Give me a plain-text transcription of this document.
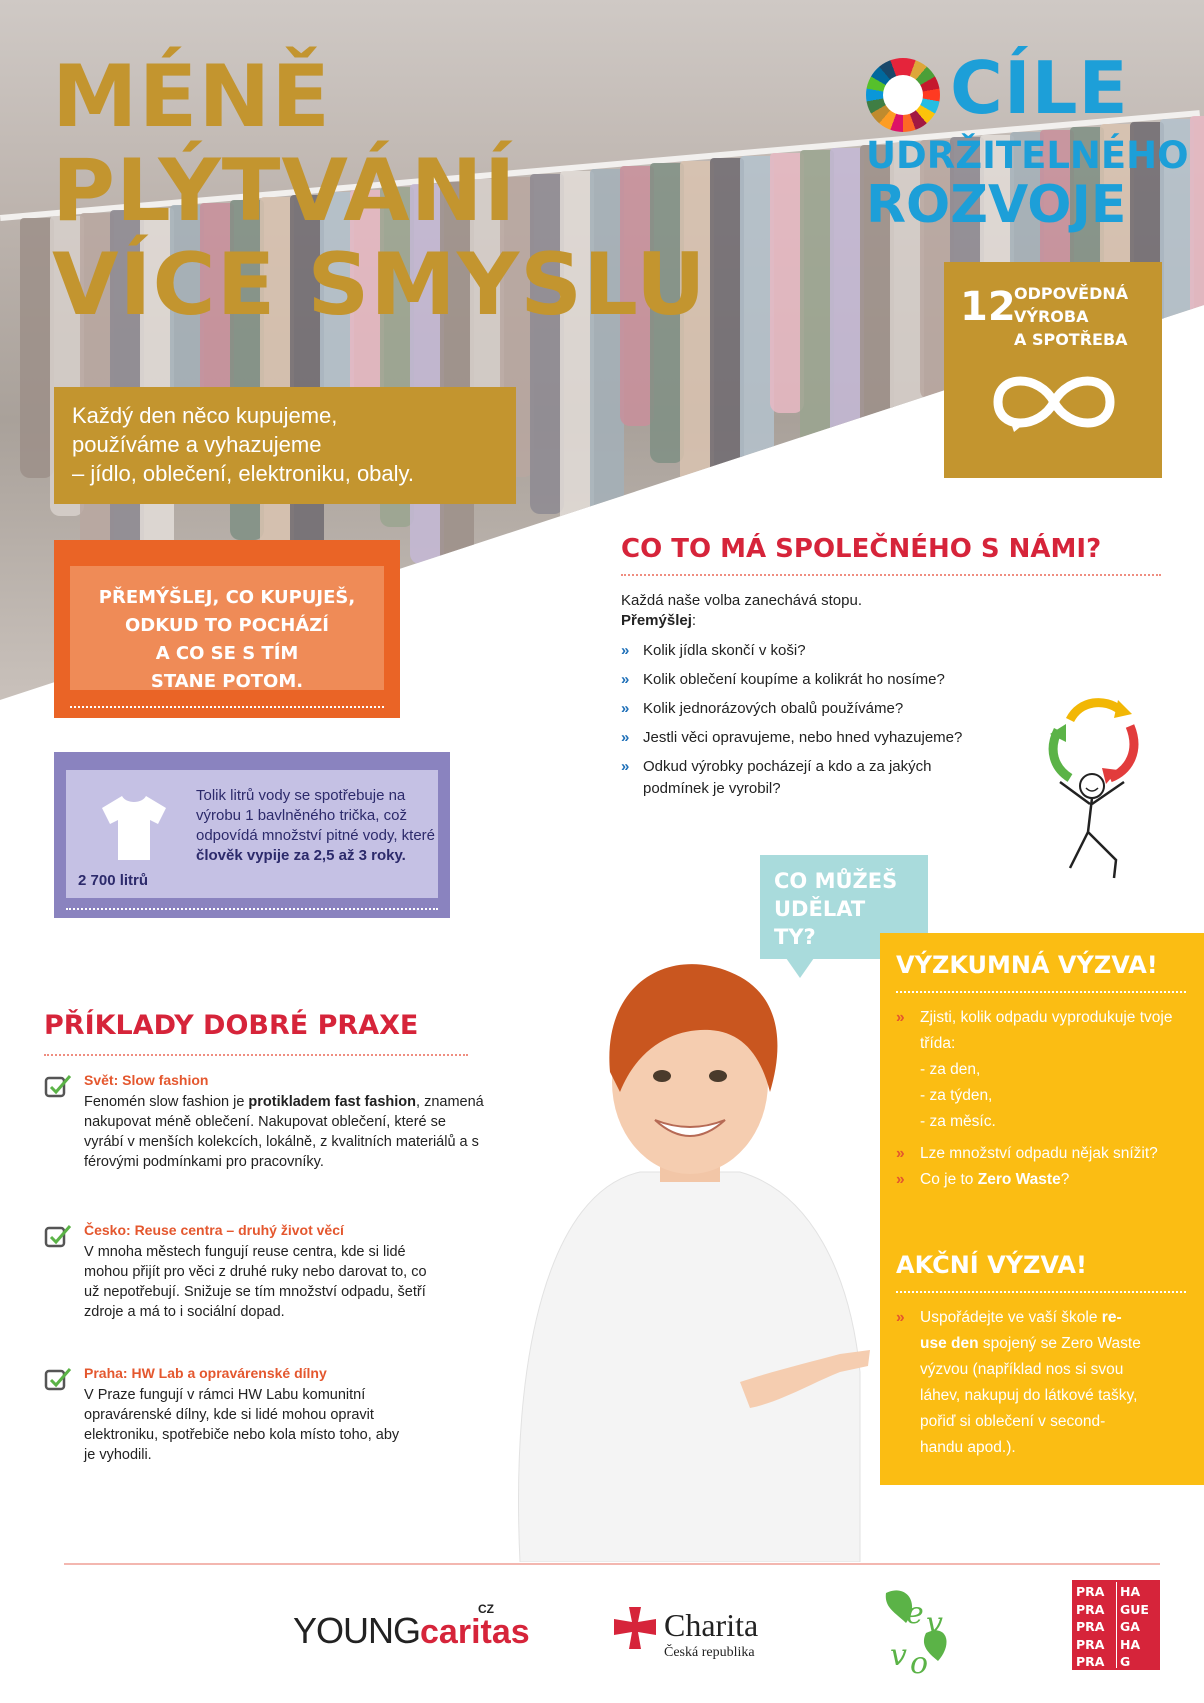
MÉNĚ
PLÝTVÁNÍ
VÍCE SMYSLU
Každý den něco kupujeme,
používáme a vyhazujeme
– jídlo, oblečení, elektroniku, obaly.
CÍLE
UDRŽITELNÉHO
ROZVOJE
12
ODPOVĚDNÁ
VÝROBA
A SPOTŘEBA
PŘEMÝŠLEJ, CO KUPUJEŠ,
ODKUD TO POCHÁZÍ
A CO SE S TÍM
STANE POTOM.
2 700 litrů
Tolik litrů vody se spotřebuje na výrobu 1 bavlněného trička, což odpovídá množství pitné vody, které člověk vypije za 2,5 až 3 roky.
CO TO MÁ SPOLEČNÉHO S NÁMI?
Každá naše volba zanechává stopu.
Přemýšlej:
» Kolik jídla skončí v koši?
» Kolik oblečení koupíme a kolikrát ho nosíme?
» Kolik jednorázových obalů používáme?
» Jestli věci opravujeme, nebo hned vyhazujeme?
» Odkud výrobky pocházejí a kdo a za jakých podmínek je vyrobil?
CO MŮŽEŠ
UDĚLAT
TY?
VÝZKUMNÁ VÝZVA!
» Zjisti, kolik odpadu vyprodukuje tvoje třída:
- za den,
- za týden,
- za měsíc.
» Lze množství odpadu nějak snížit?
» Co je to Zero Waste?
AKČNÍ VÝZVA!
» Uspořádejte ve vaší škole re-use den spojený se Zero Waste výzvou (například nos si svou láhev, nakupuj do látkové tašky, pořiď si oblečení v second-handu apod.).
PŘÍKLADY DOBRÉ PRAXE
Svět: Slow fashion
Fenomén slow fashion je protikladem fast fashion, znamená nakupovat méně oblečení. Nakupovat oblečení, které se vyrábí v menších kolekcích, lokálně, z kvalitních materiálů a s férovými podmínkami pro pracovníky.
Česko: Reuse centra – druhý život věcí
V mnoha městech fungují reuse centra, kde si lidé mohou přijít pro věci z druhé ruky nebo darovat to, co už nepotřebují. Snižuje se tím množství odpadu, šetří zdroje a má to i sociální dopad.
Praha: HW Lab a opravárenské dílny
V Praze fungují v rámci HW Labu komunitní opravárenské dílny, kde si lidé mohou opravit elektroniku, spotřebiče nebo kola místo toho, aby je vyhodili.
YOUNGcaritas
CZ	Charita
Česká republika
e v
v o
PRA
PRA
PRA
PRA
PRA
HA
GUE
GA
HA
G
